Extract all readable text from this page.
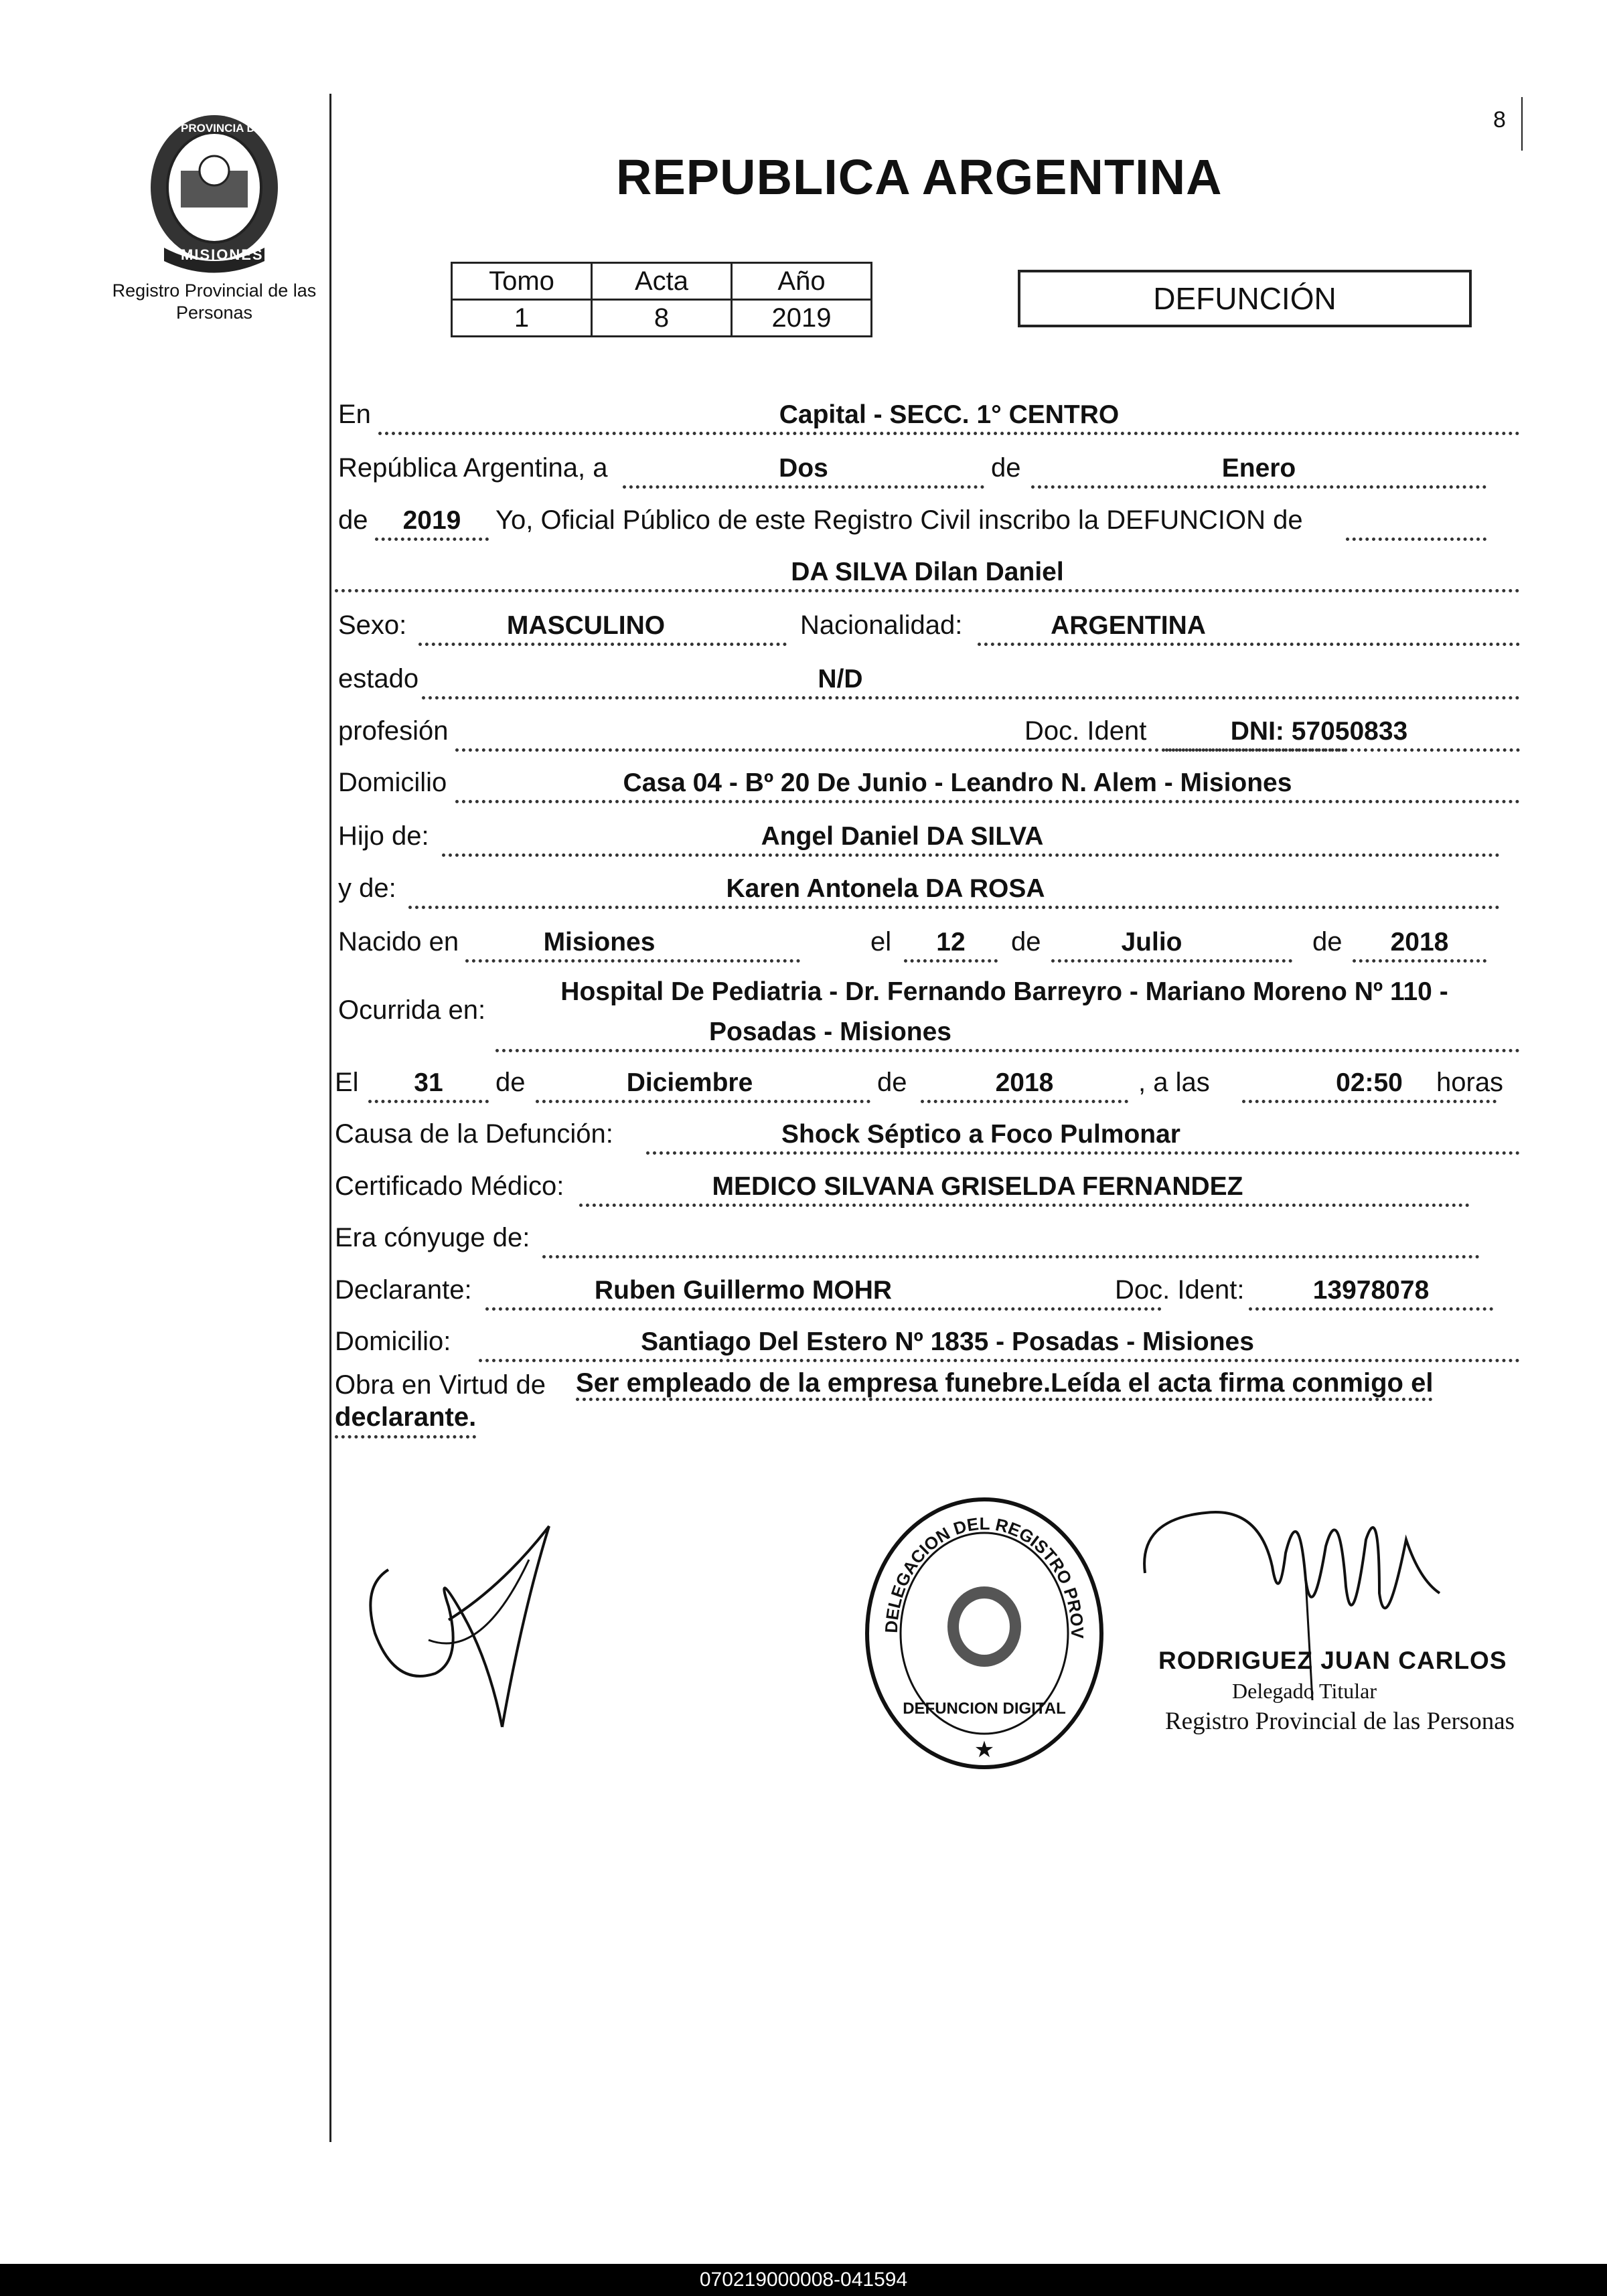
PROVINCIA DE
MISIONES
Registro Provincial de las Personas
REPUBLICA ARGENTINA
8
Tomo	Acta	Año
1	8	2019
DEFUNCIÓN
En	Capital - SECC. 1° CENTRO
República Argentina, a	Dos	de	Enero
de	2019	Yo, Oficial Público de este Registro Civil inscribo la DEFUNCION de
DA SILVA Dilan Daniel
Sexo:	MASCULINO	Nacionalidad:	ARGENTINA
estado	N/D
profesión	Doc. Ident	DNI: 57050833
Domicilio	Casa 04 - Bº 20 De Junio - Leandro N. Alem - Misiones
Hijo de:	Angel Daniel DA SILVA
y de:	Karen Antonela DA ROSA
Nacido en	Misiones	el	12	de	Julio	de	2018
Ocurrida en:
Hospital De Pediatria - Dr. Fernando Barreyro - Mariano Moreno Nº 110 -
Posadas - Misiones
El	31	de	Diciembre	de	2018	, a las	02:50	horas
Causa de la Defunción:	Shock Séptico a Foco Pulmonar
Certificado Médico:	MEDICO SILVANA GRISELDA FERNANDEZ
Era cónyuge de:
Declarante:	Ruben Guillermo MOHR	Doc. Ident:	13978078
Domicilio:	Santiago Del Estero Nº 1835 - Posadas - Misiones
Obra en Virtud de Ser empleado de la empresa funebre.Leída el acta firma conmigo el
declarante.
DELEGACION DEL REGISTRO PROV
DEFUNCION DIGITAL
★
RODRIGUEZ JUAN CARLOS
Delegado Titular
Registro Provincial de las Personas
070219000008-041594
